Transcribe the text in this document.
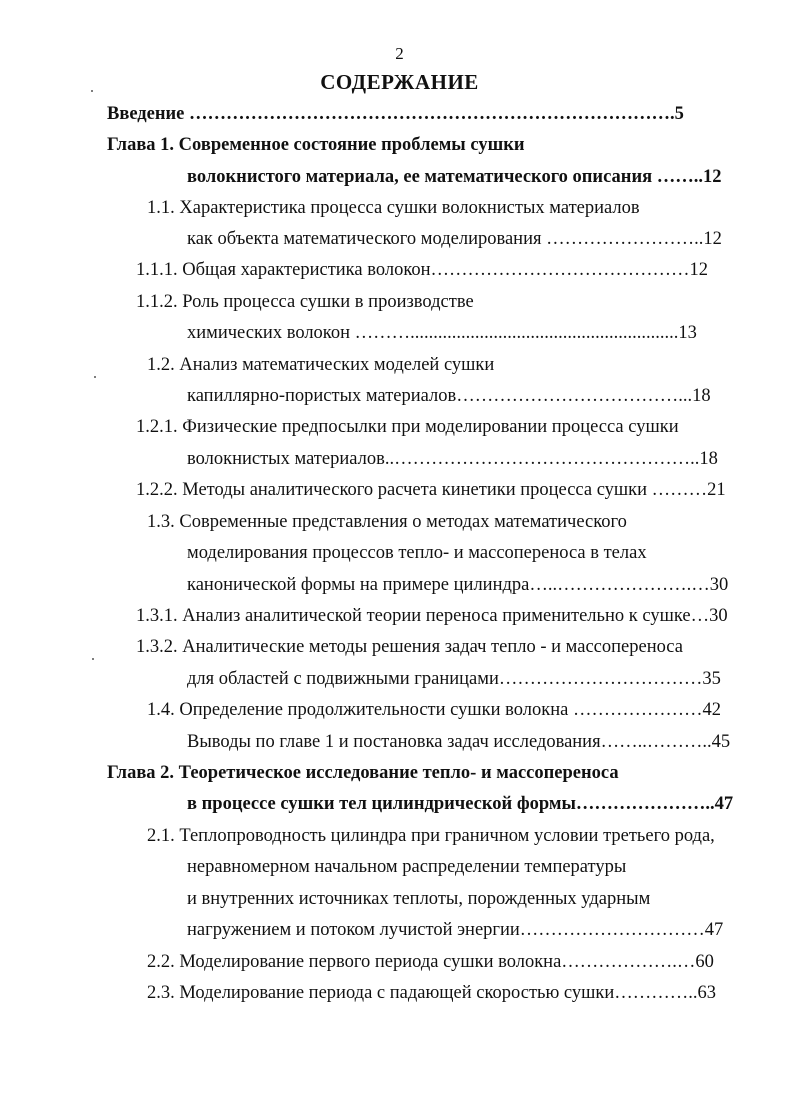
2
СОДЕРЖАНИЕ
Введение …………………………………………………………………….5
Глава 1. Современное состояние проблемы сушки
волокнистого материала, ее математического описания ……..12
1.1. Характеристика процесса сушки волокнистых материалов
как объекта математического моделирования ……………………..12
1.1.1. Общая характеристика волокон……………………………………12
1.1.2. Роль процесса сушки в производстве
химических волокон ………..........................................................13
1.2. Анализ математических моделей сушки
капиллярно-пористых материалов………………………………...18
1.2.1. Физические предпосылки при моделировании процесса сушки
волокнистых материалов..…………………………………………..18
1.2.2. Методы аналитического расчета кинетики процесса сушки ………21
1.3. Современные представления о методах математического
моделирования процессов тепло- и массопереноса в телах
канонической формы на примере цилиндра…..………………….…30
1.3.1. Анализ аналитической теории переноса применительно к сушке…30
1.3.2. Аналитические методы решения задач тепло - и массопереноса
для областей с подвижными границами……………………………35
1.4. Определение продолжительности сушки волокна …………………42
Выводы по главе 1 и постановка задач исследования……..………..45
Глава 2. Теоретическое исследование тепло- и массопереноса
в процессе сушки тел цилиндрической формы…………………..47
2.1. Теплопроводность цилиндра при граничном условии третьего рода,
неравномерном начальном распределении температуры
и внутренних источниках теплоты, порожденных ударным
нагружением и потоком лучистой энергии…………………………47
2.2. Моделирование первого периода сушки волокна……………….…60
2.3. Моделирование периода с падающей скоростью сушки…………..63
